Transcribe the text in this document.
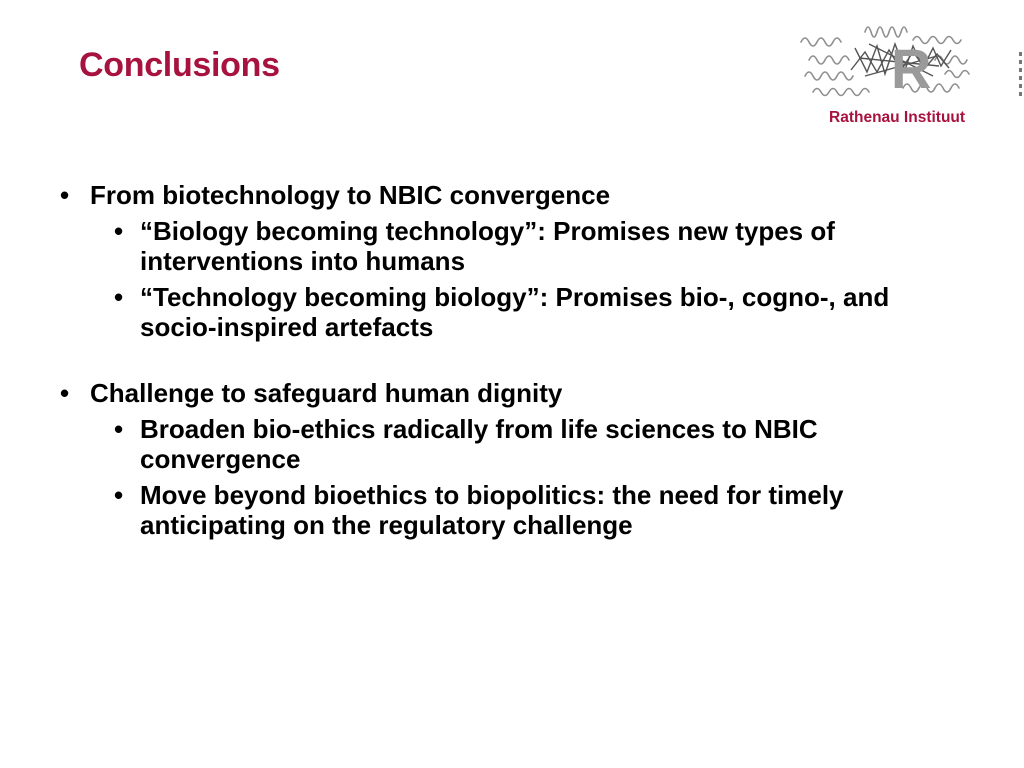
Conclusions	R
Rathenau Instituut
• From biotechnology to NBIC convergence
• “Biology becoming technology”: Promises new types of interventions into humans
• “Technology becoming biology”: Promises bio-, cogno-, and socio-inspired artefacts
• Challenge to safeguard human dignity
• Broaden bio-ethics radically from life sciences to NBIC convergence
• Move beyond bioethics to biopolitics: the need for timely anticipating on the regulatory challenge
